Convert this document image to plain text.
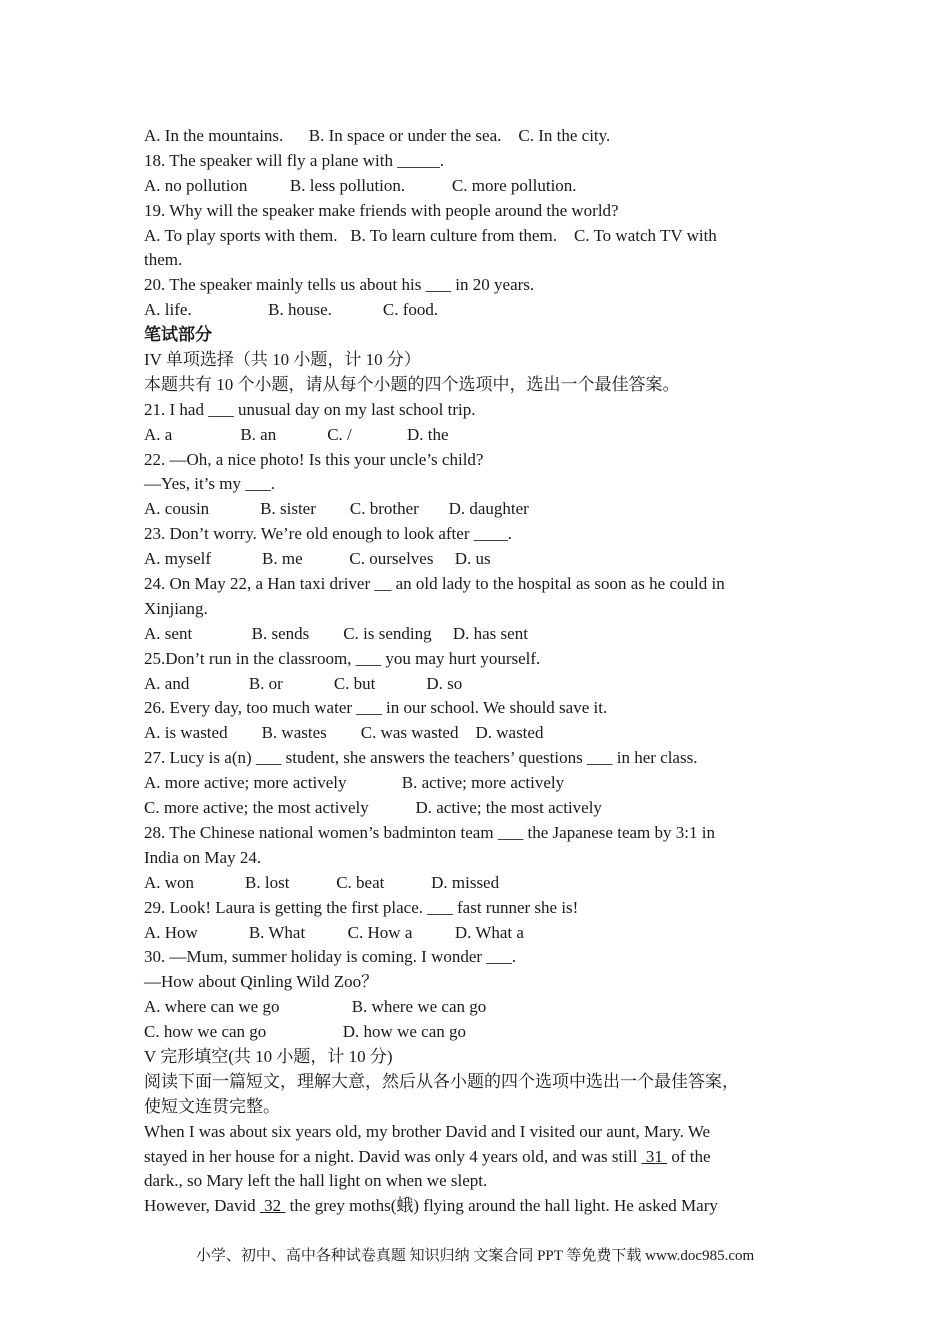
A. In the mountains.      B. In space or under the sea.    C. In the city.
18. The speaker will fly a plane with _____.
A. no pollution          B. less pollution.           C. more pollution.
19. Why will the speaker make friends with people around the world?
A. To play sports with them.   B. To learn culture from them.    C. To watch TV with
them.
20. The speaker mainly tells us about his ___ in 20 years.
A. life.                  B. house.            C. food.
笔试部分
IV 单项选择（共 10 小题，计 10 分）
本题共有 10 个小题，请从每个小题的四个选项中，选出一个最佳答案。
21. I had ___ unusual day on my last school trip.
A. a                B. an            C. /             D. the
22. —Oh, a nice photo! Is this your uncle’s child?
—Yes, it’s my ___.
A. cousin            B. sister        C. brother       D. daughter
23. Don’t worry. We’re old enough to look after ____.
A. myself            B. me           C. ourselves     D. us
24. On May 22, a Han taxi driver __ an old lady to the hospital as soon as he could in
Xinjiang.
A. sent              B. sends        C. is sending     D. has sent
25.Don’t run in the classroom, ___ you may hurt yourself.
A. and              B. or            C. but            D. so
26. Every day, too much water ___ in our school. We should save it.
A. is wasted        B. wastes        C. was wasted    D. wasted
27. Lucy is a(n) ___ student, she answers the teachers’ questions ___ in her class.
A. more active; more actively             B. active; more actively
C. more active; the most actively           D. active; the most actively
28. The Chinese national women’s badminton team ___ the Japanese team by 3:1 in
India on May 24.
A. won            B. lost           C. beat           D. missed
29. Look! Laura is getting the first place. ___ fast runner she is!
A. How            B. What          C. How a          D. What a
30. —Mum, summer holiday is coming. I wonder ___.
—How about Qinling Wild Zoo？
A. where can we go                 B. where we can go
C. how we can go                  D. how we can go
V 完形填空(共 10 小题，计 10 分)
阅读下面一篇短文，理解大意，然后从各小题的四个选项中选出一个最佳答案，
使短文连贯完整。
When I was about six years old, my brother David and I visited our aunt, Mary. We
stayed in her house for a night. David was only 4 years old, and was still  31  of the
dark., so Mary left the hall light on when we slept.
However, David  32  the grey moths(蛾) flying around the hall light. He asked Mary
小学、初中、高中各种试卷真题 知识归纳 文案合同 PPT 等免费下载 www.doc985.com
